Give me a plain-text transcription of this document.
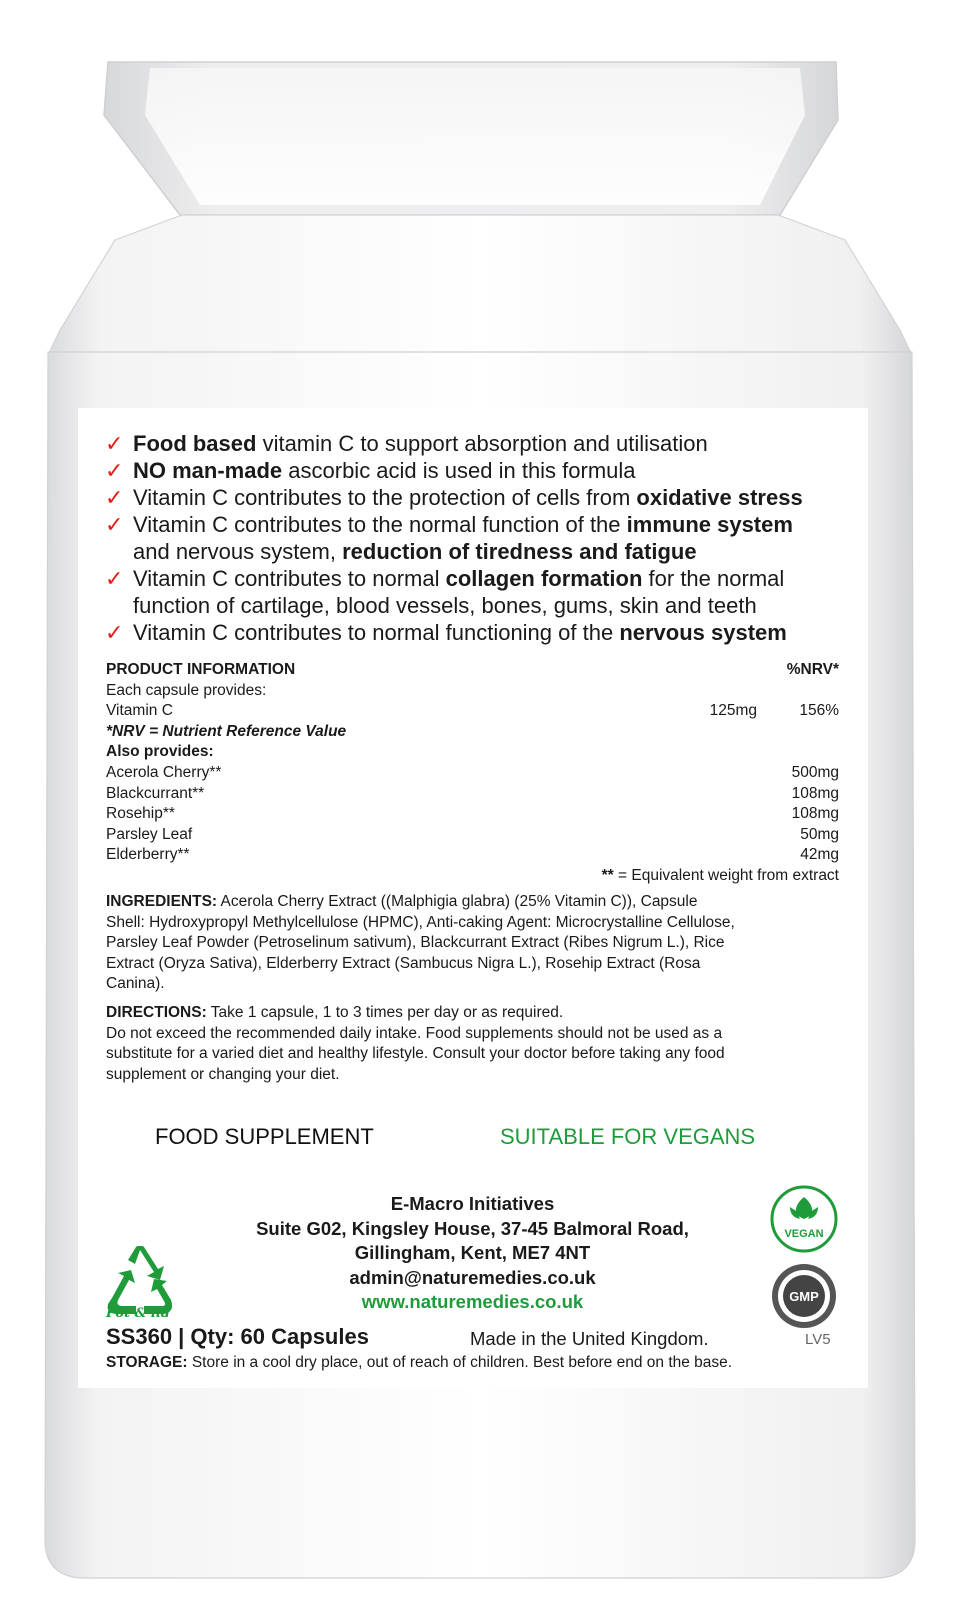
✓ Food based vitamin C to support absorption and utilisation
✓ NO man-made ascorbic acid is used in this formula
✓ Vitamin C contributes to the protection of cells from oxidative stress
✓ Vitamin C contributes to the normal function of the immune system
and nervous system, reduction of tiredness and fatigue
✓ Vitamin C contributes to normal collagen formation for the normal
function of cartilage, blood vessels, bones, gums, skin and teeth
✓ Vitamin C contributes to normal functioning of the nervous system
PRODUCT INFORMATION	%NRV*
Each capsule provides:
Vitamin C	125mg	156%
*NRV = Nutrient Reference Value
Also provides:
Acerola Cherry**	500mg
Blackcurrant**	108mg
Rosehip**	108mg
Parsley Leaf	50mg
Elderberry**	42mg
** = Equivalent weight from extract
INGREDIENTS: Acerola Cherry Extract ((Malphigia glabra) (25% Vitamin C)), Capsule
Shell: Hydroxypropyl Methylcellulose (HPMC), Anti-caking Agent: Microcrystalline Cellulose,
Parsley Leaf Powder (Petroselinum sativum), Blackcurrant Extract (Ribes Nigrum L.), Rice
Extract (Oryza Sativa), Elderberry Extract (Sambucus Nigra L.), Rosehip Extract (Rosa
Canina).
DIRECTIONS: Take 1 capsule, 1 to 3 times per day or as required.
Do not exceed the recommended daily intake. Food supplements should not be used as a
substitute for a varied diet and healthy lifestyle. Consult your doctor before taking any food
supplement or changing your diet.
FOOD SUPPLEMENT	SUITABLE FOR VEGANS
E-Macro Initiatives
Suite G02, Kingsley House, 37-45 Balmoral Road,
Gillingham, Kent, ME7 4NT
admin@naturemedies.co.uk
www.naturemedies.co.uk
Pot & lid
VEGAN
GMP
SS360 | Qty: 60 Capsules	Made in the United Kingdom.	LV5
STORAGE: Store in a cool dry place, out of reach of children. Best before end on the base.
